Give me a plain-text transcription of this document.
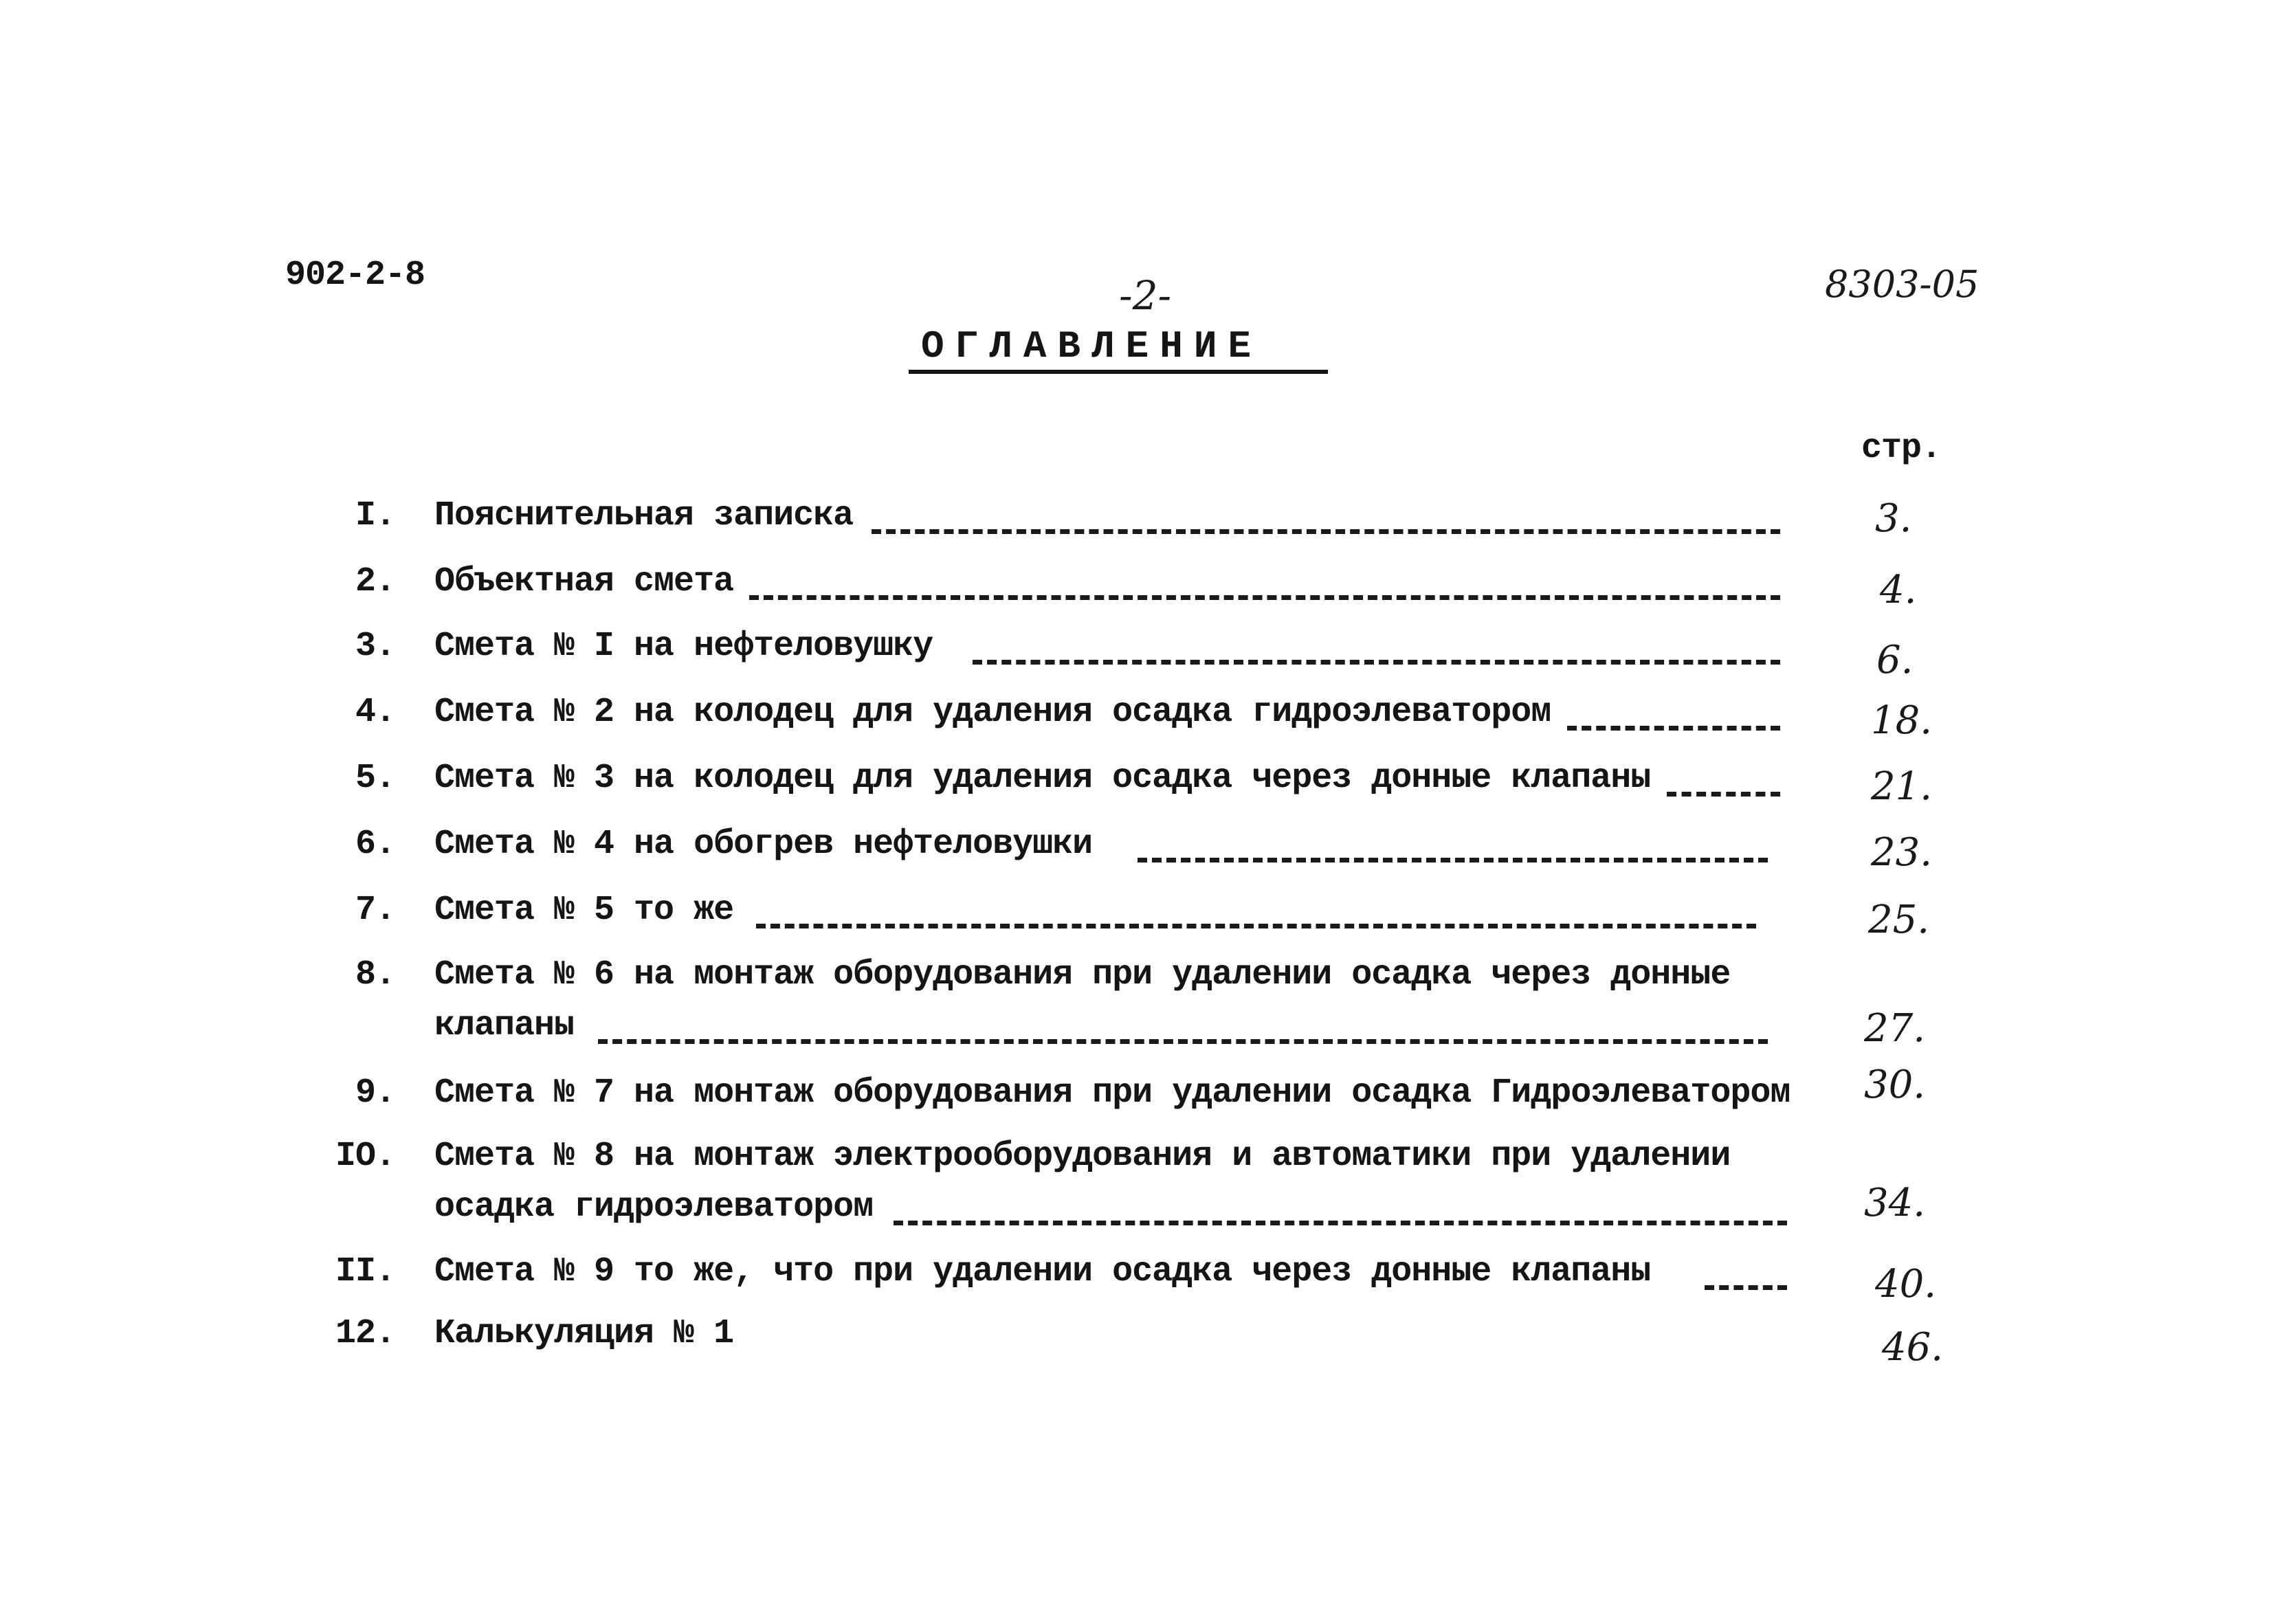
902-2-8	-2-	8303-05
ОГЛАВЛЕНИЕ
стр.
I. Пояснительная записка	3.
2. Объектная смета	4.
3. Смета № I на нефтеловушку	6.
4. Смета № 2 на колодец для удаления осадка гидроэлеватором	18.
5. Смета № 3 на колодец для удаления осадка через донные клапаны	21.
6. Смета № 4 на обогрев нефтеловушки	23.
7. Смета № 5 то же	25.
8. Смета № 6 на монтаж оборудования при удалении осадка через донные
клапаны	27.
9. Смета № 7 на монтаж оборудования при удалении осадка Гидроэлеватором 30.
IO. Смета № 8 на монтаж электрооборудования и автоматики при удалении
осадка гидроэлеватором	34.
II. Смета № 9 то же, что при удалении осадка через донные клапаны	40.
12. Калькуляция № 1	46.
